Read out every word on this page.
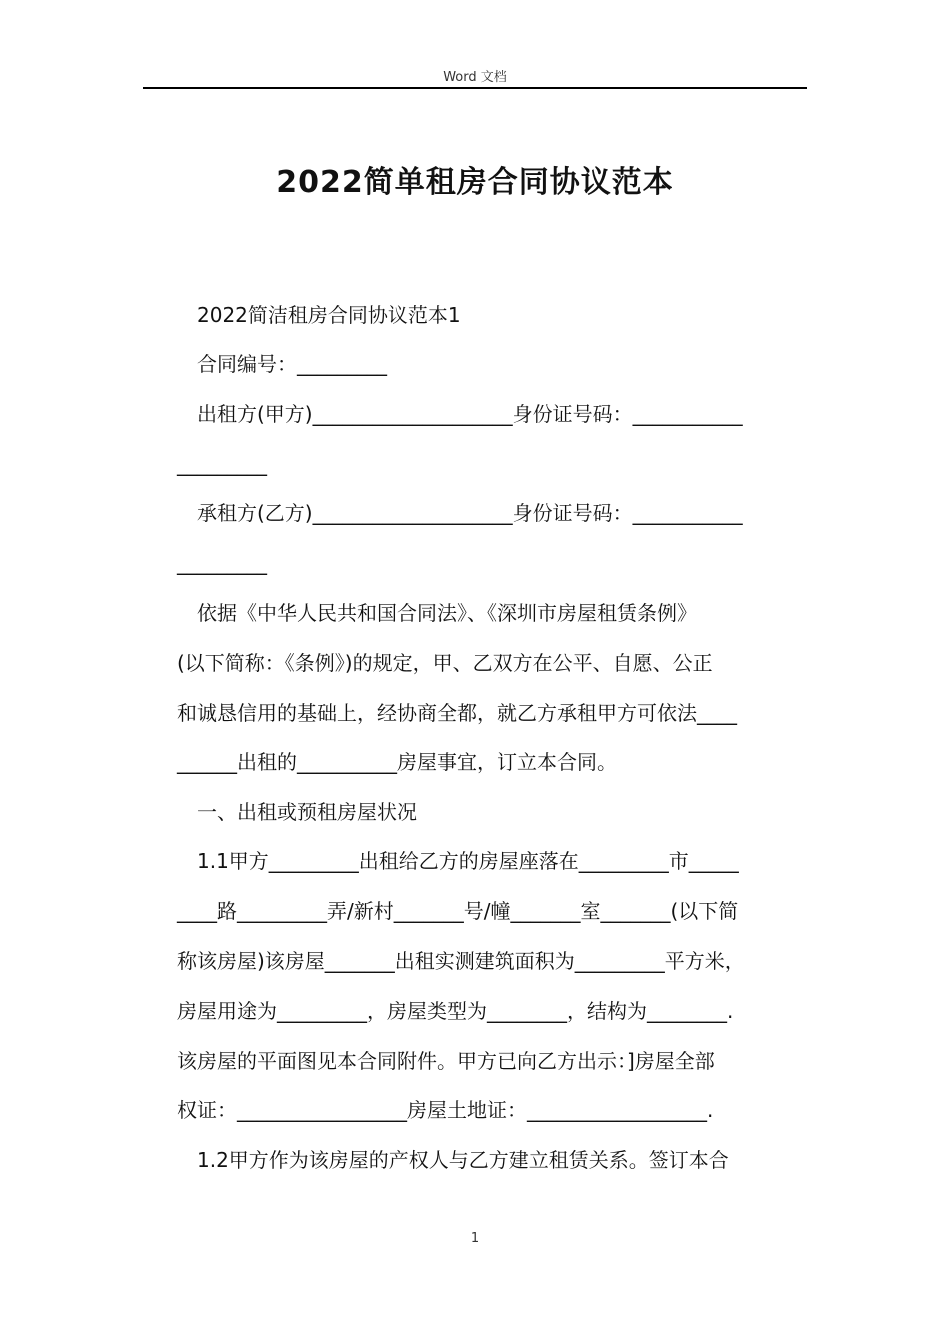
Word 文档
2022简单租房合同协议范本
　2022简洁租房合同协议范本1
　合同编号：_________
　出租方(甲方)____________________身份证号码：___________
_________
　承租方(乙方)____________________身份证号码：___________
_________
　依据《中华人民共和国合同法》、《深圳市房屋租赁条例》
(以下简称：《条例》)的规定，甲、乙双方在公平、自愿、公正
和诚恳信用的基础上，经协商全都，就乙方承租甲方可依法____
______出租的__________房屋事宜，订立本合同。
　一、出租或预租房屋状况
　1.1甲方_________出租给乙方的房屋座落在_________市_____
____路_________弄/新村_______号/幢_______室_______(以下简
称该房屋)该房屋_______出租实测建筑面积为_________平方米，
房屋用途为_________，房屋类型为________，结构为________.
该房屋的平面图见本合同附件。甲方已向乙方出示：]房屋全部
权证：_________________房屋土地证：__________________.
　1.2甲方作为该房屋的产权人与乙方建立租赁关系。签订本合
1
